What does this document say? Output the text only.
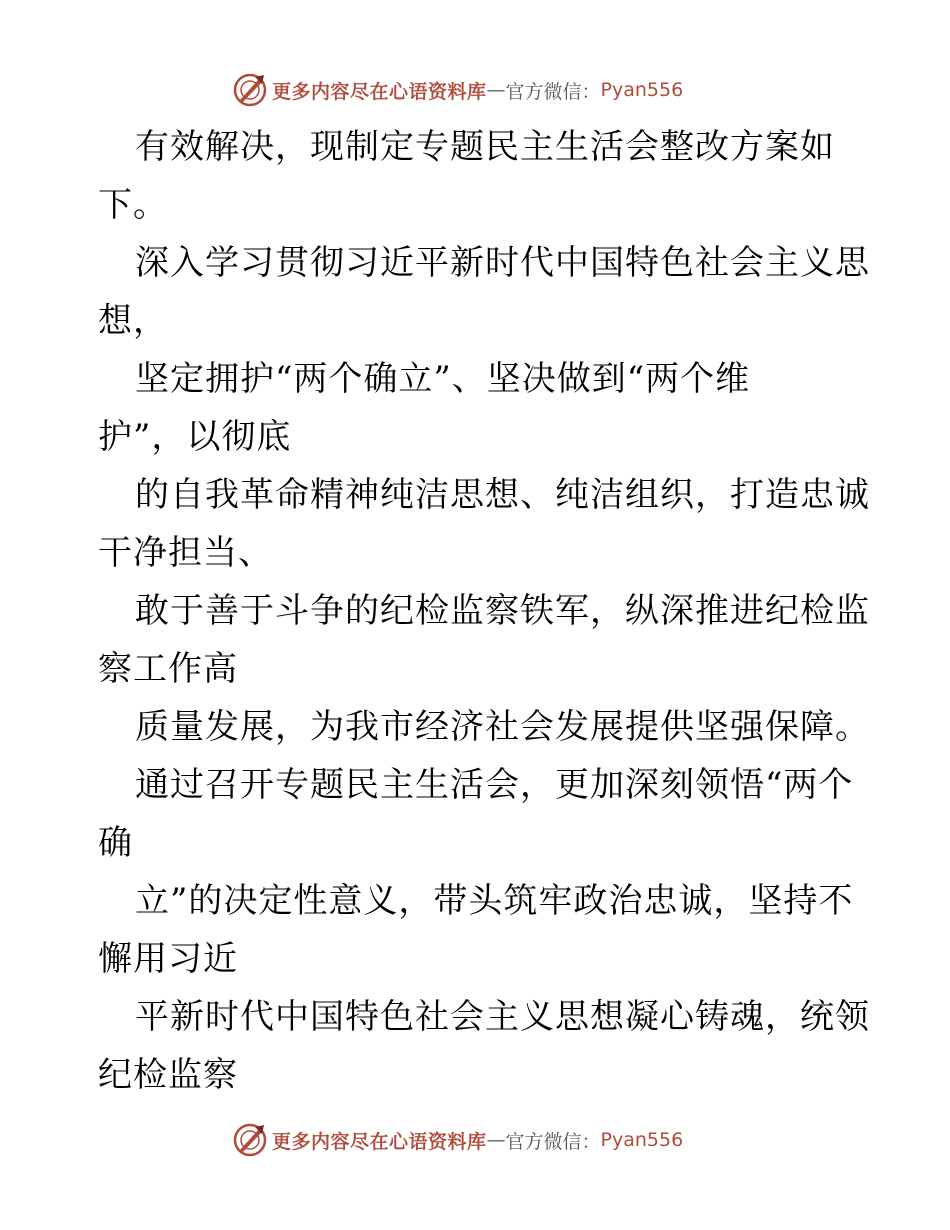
更多内容尽在心语资料库 — 官方微信： Pyan556
有效解决，现制定专题民主生活会整改方案如
下。
深入学习贯彻习近平新时代中国特色社会主义思
想，
坚定拥护“两个确立”、坚决做到“两个维
护”，以彻底
的自我革命精神纯洁思想、纯洁组织，打造忠诚
干净担当、
敢于善于斗争的纪检监察铁军，纵深推进纪检监
察工作高
质量发展，为我市经济社会发展提供坚强保障。
通过召开专题民主生活会，更加深刻领悟“两个
确
立”的决定性意义，带头筑牢政治忠诚，坚持不
懈用习近
平新时代中国特色社会主义思想凝心铸魂，统领
纪检监察
更多内容尽在心语资料库 — 官方微信： Pyan556
